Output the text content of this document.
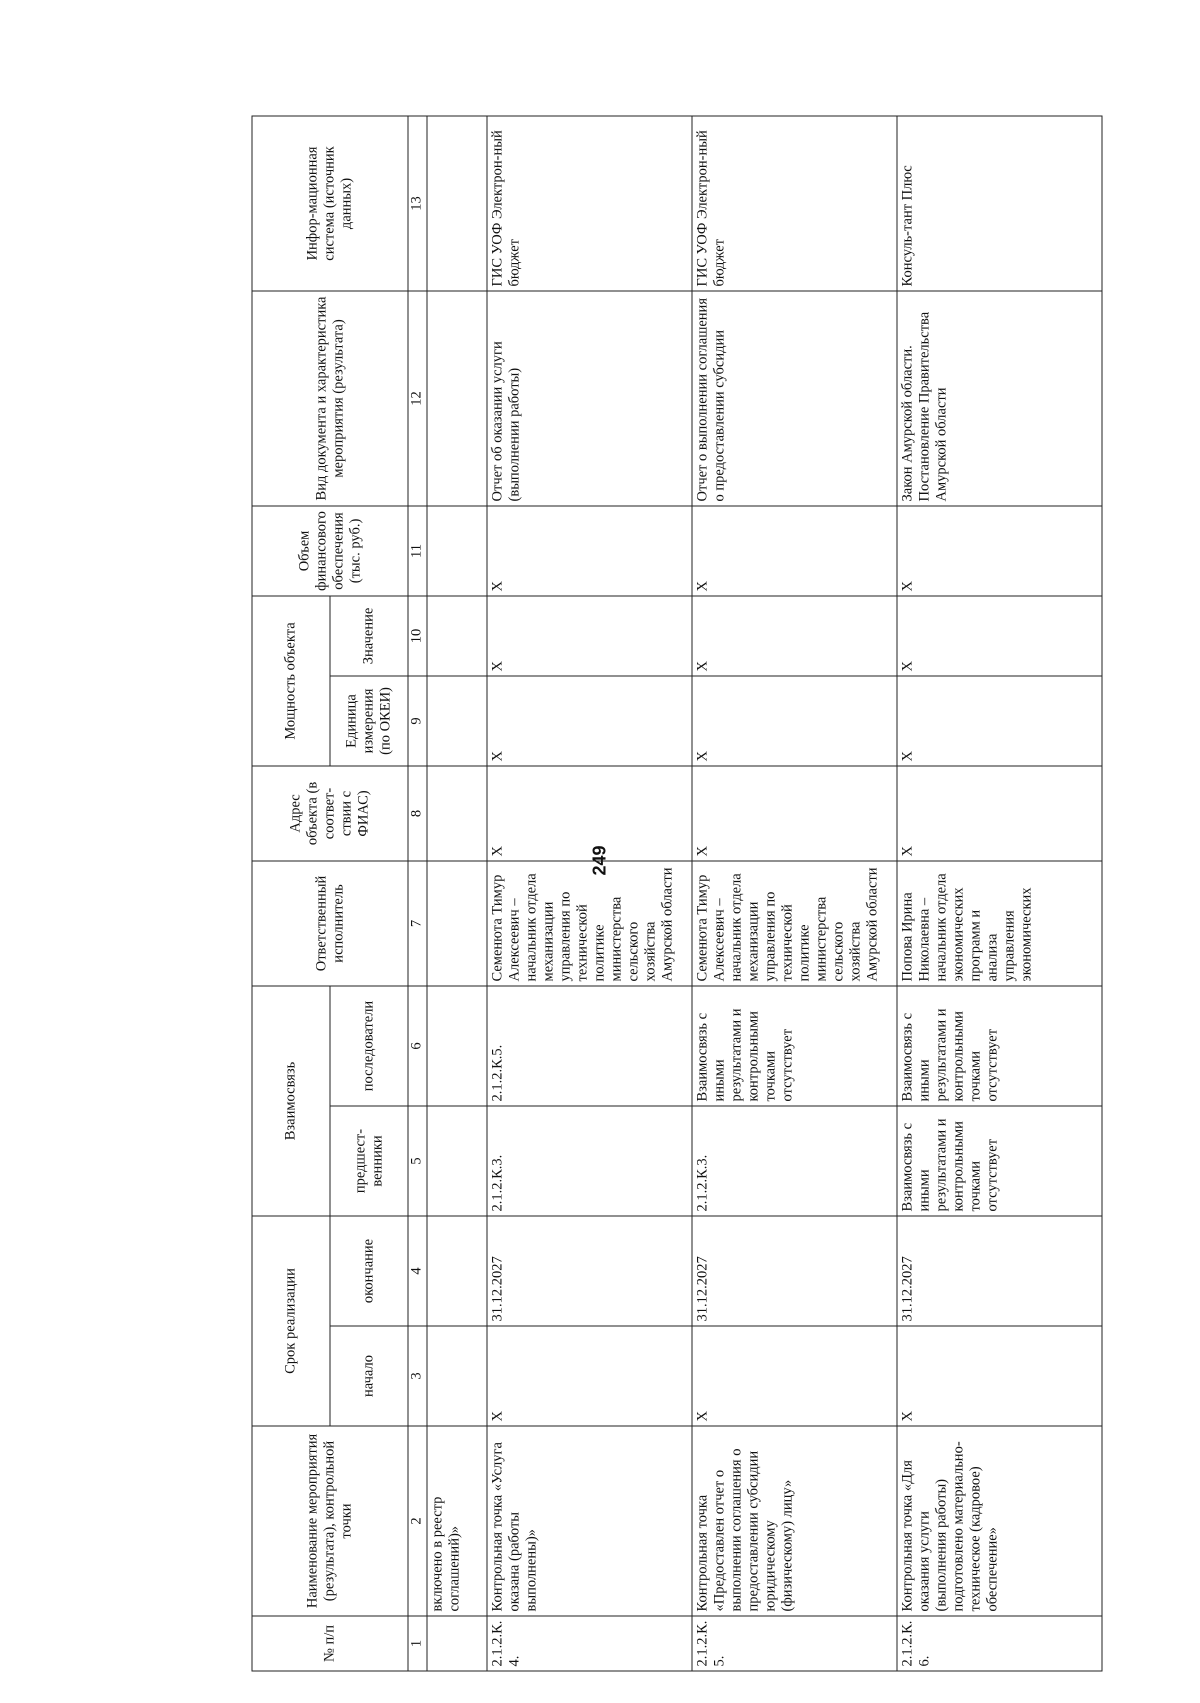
249
№ п/п	Наименование мероприятия (результата), контрольной точки	Срок реализации		Взаимосвязь		Ответственный исполнитель	Адрес объекта (в соответ-ствии с ФИАС)	Мощность объекта		Объем финансового обеспечения (тыс. руб.)	Вид документа и характеристика мероприятия (результата)	Инфор-мационная система (источник данных)
		начало	окончание	предшест-венники	последователи			Единица измерения (по ОКЕИ)	Значение			
1	2	3	4	5	6	7	8	9	10	11	12	13
	включено в реестр соглашений)»											
2.1.2.К.4.	Контрольная точка «Услуга оказана (работы выполнены)»	X	31.12.2027	2.1.2.К.3.	2.1.2.К.5.	Семенюта Тимур Алексеевич – начальник отдела механизации управления по технической политике министерства сельского хозяйства Амурской области	X	X	X	X	Отчет об оказании услуги (выполнении работы)	ГИС УОФ Электрон-ный бюджет
2.1.2.К.5.	Контрольная точка «Предоставлен отчет о выполнении соглашения о предоставлении субсидии юридическому (физическому) лицу»	X	31.12.2027	2.1.2.К.3.	Взаимосвязь с иными результатами и контрольными точками отсутствует	Семенюта Тимур Алексеевич – начальник отдела механизации управления по технической политике министерства сельского хозяйства Амурской области	X	X	X	X	Отчет о выполнении соглашения о предоставлении субсидии	ГИС УОФ Электрон-ный бюджет
2.1.2.К.6.	Контрольная точка «Для оказания услуги (выполнения работы) подготовлено материально-техническое (кадровое) обеспечение»	X	31.12.2027	Взаимосвязь с иными результатами и контрольными точками отсутствует	Взаимосвязь с иными результатами и контрольными точками отсутствует	Попова Ирина Николаевна – начальник отдела экономических программ и анализа управления экономических	X	X	X	X	Закон Амурской области. Постановление Правительства Амурской области	Консуль-тант Плюс
